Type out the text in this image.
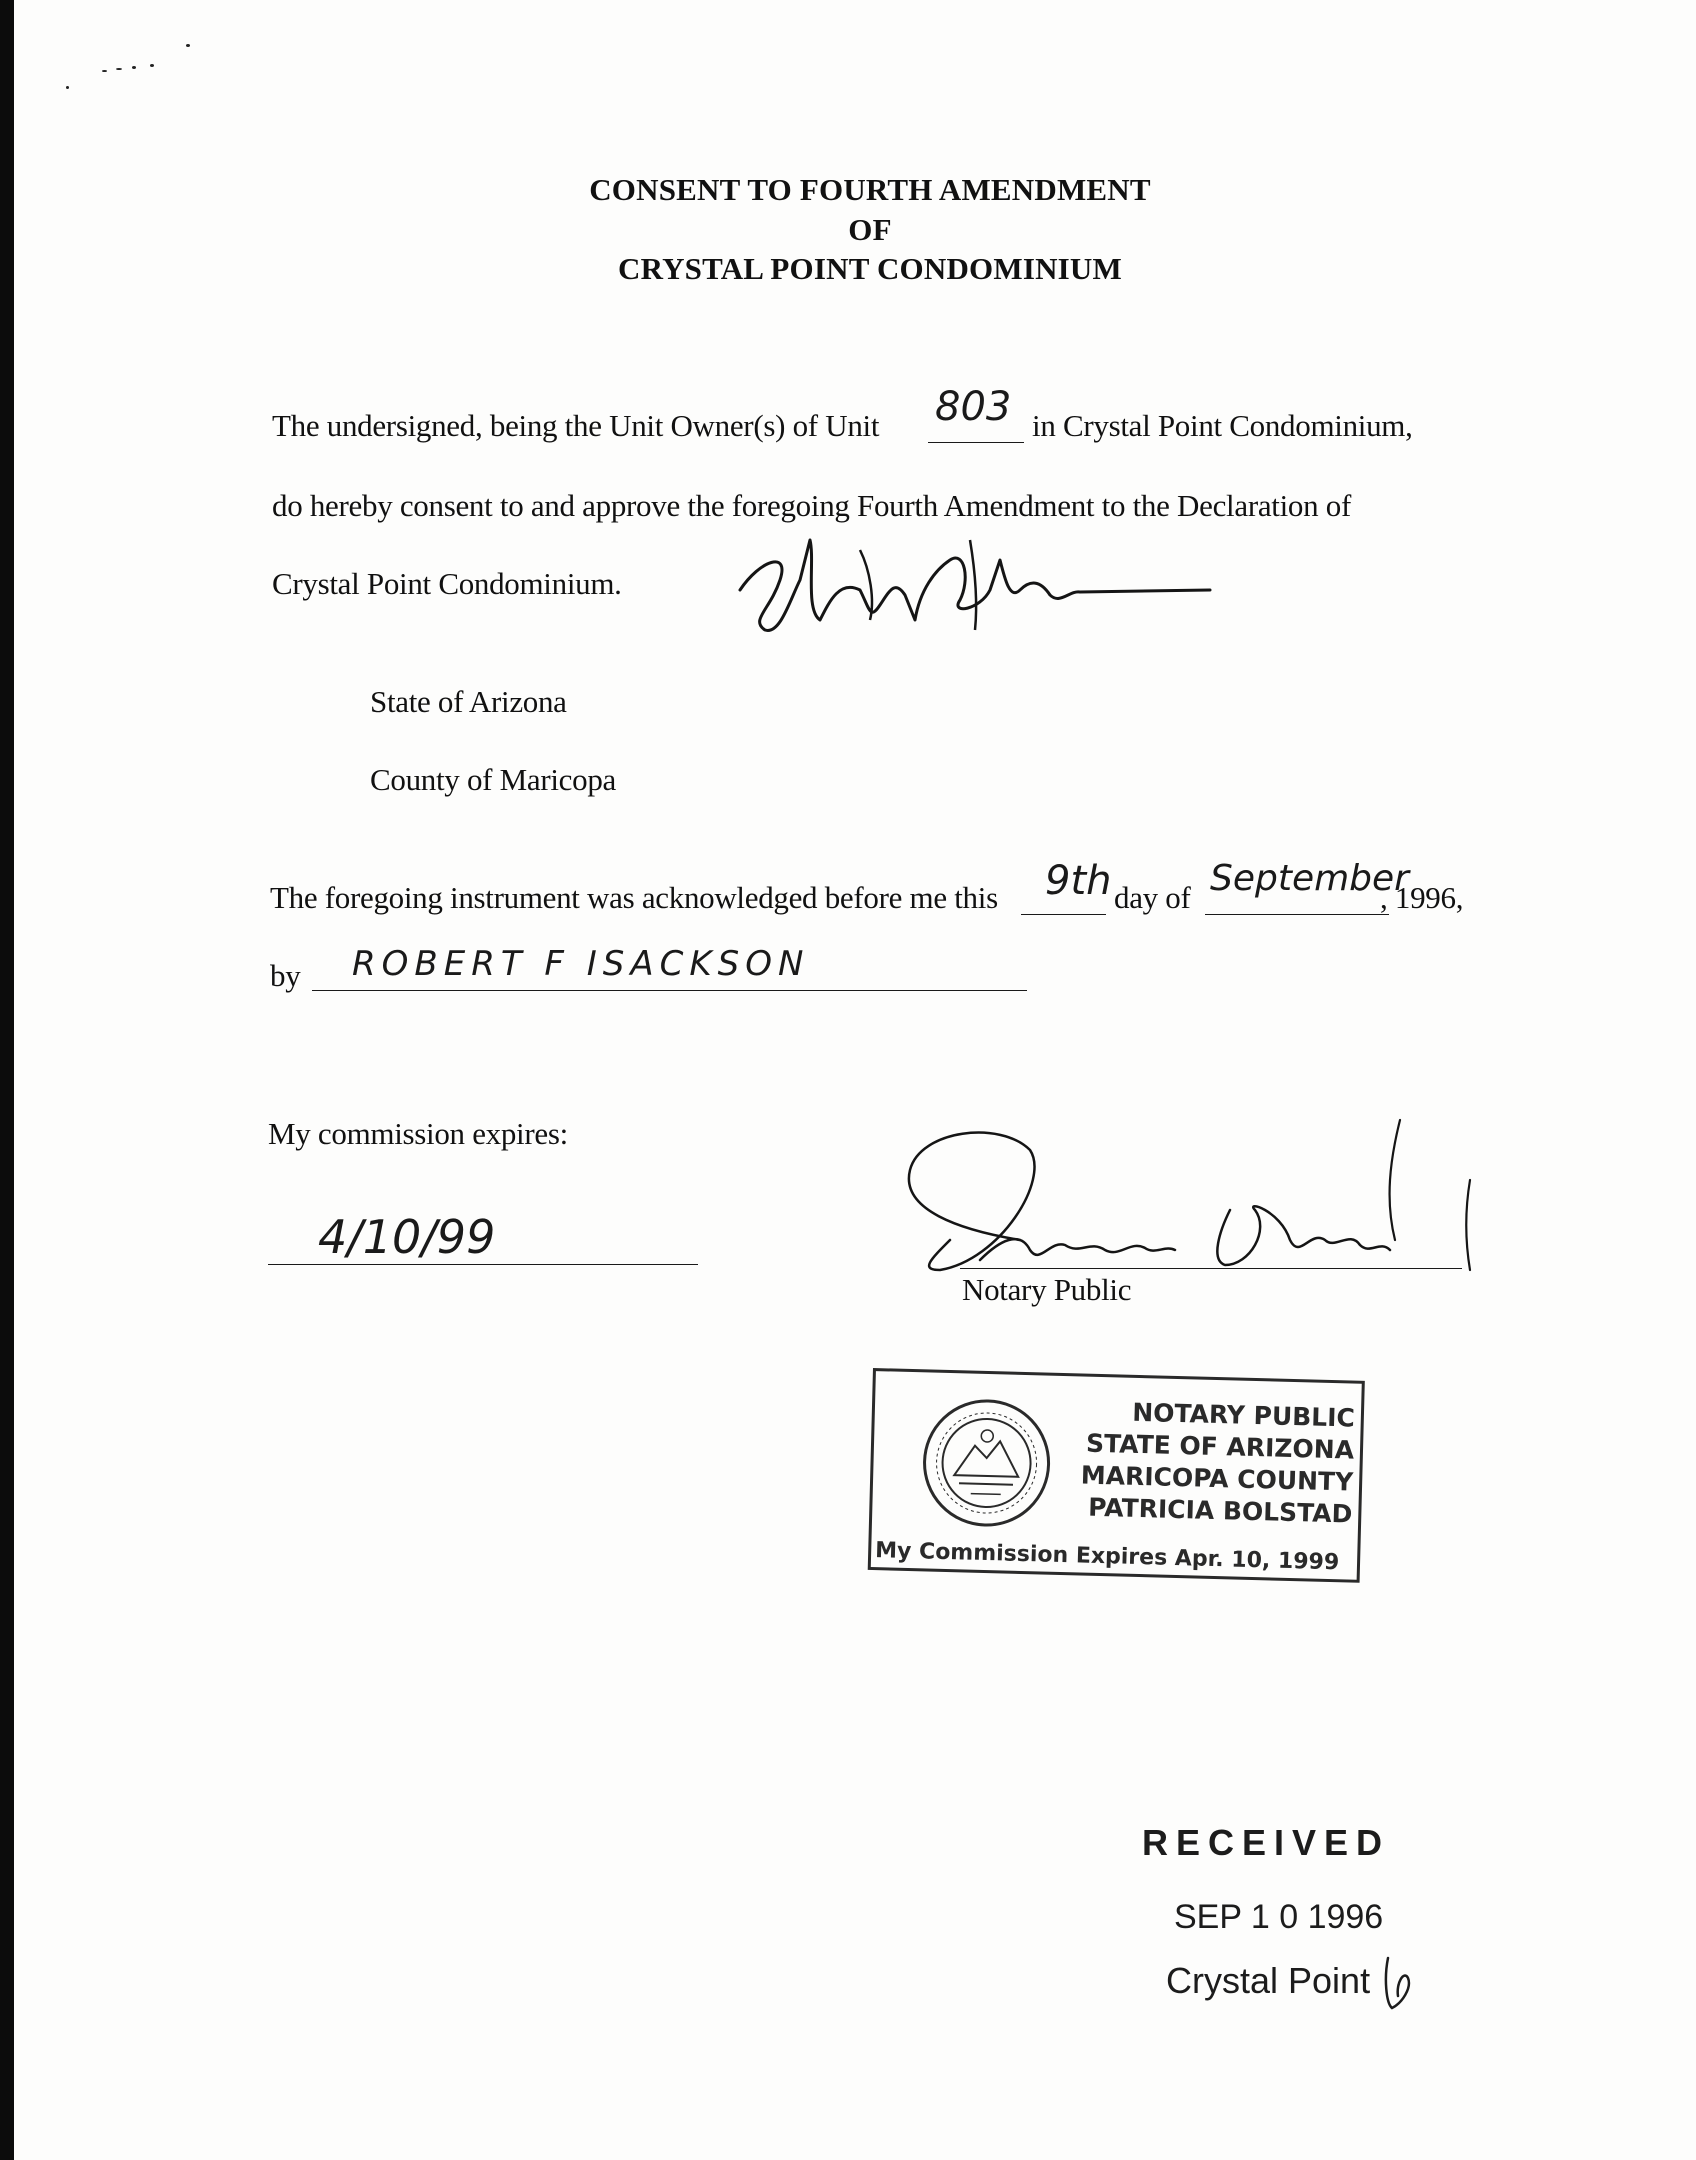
CONSENT TO FOURTH AMENDMENT
OF
CRYSTAL POINT CONDOMINIUM
The undersigned, being the Unit Owner(s) of Unit 803 in Crystal Point Condominium,
do hereby consent to and approve the foregoing Fourth Amendment to the Declaration of
Crystal Point Condominium.
State of Arizona
County of Maricopa
The foregoing instrument was acknowledged before me this 9th day of September
, 1996,
by ROBERT F ISACKSON
My commission expires:
4/10/99
Notary Public
NOTARY PUBLIC
STATE OF ARIZONA
MARICOPA COUNTY
PATRICIA BOLSTAD
My Commission Expires Apr. 10, 1999
RECEIVED
SEP 1 0 1996
Crystal Point
